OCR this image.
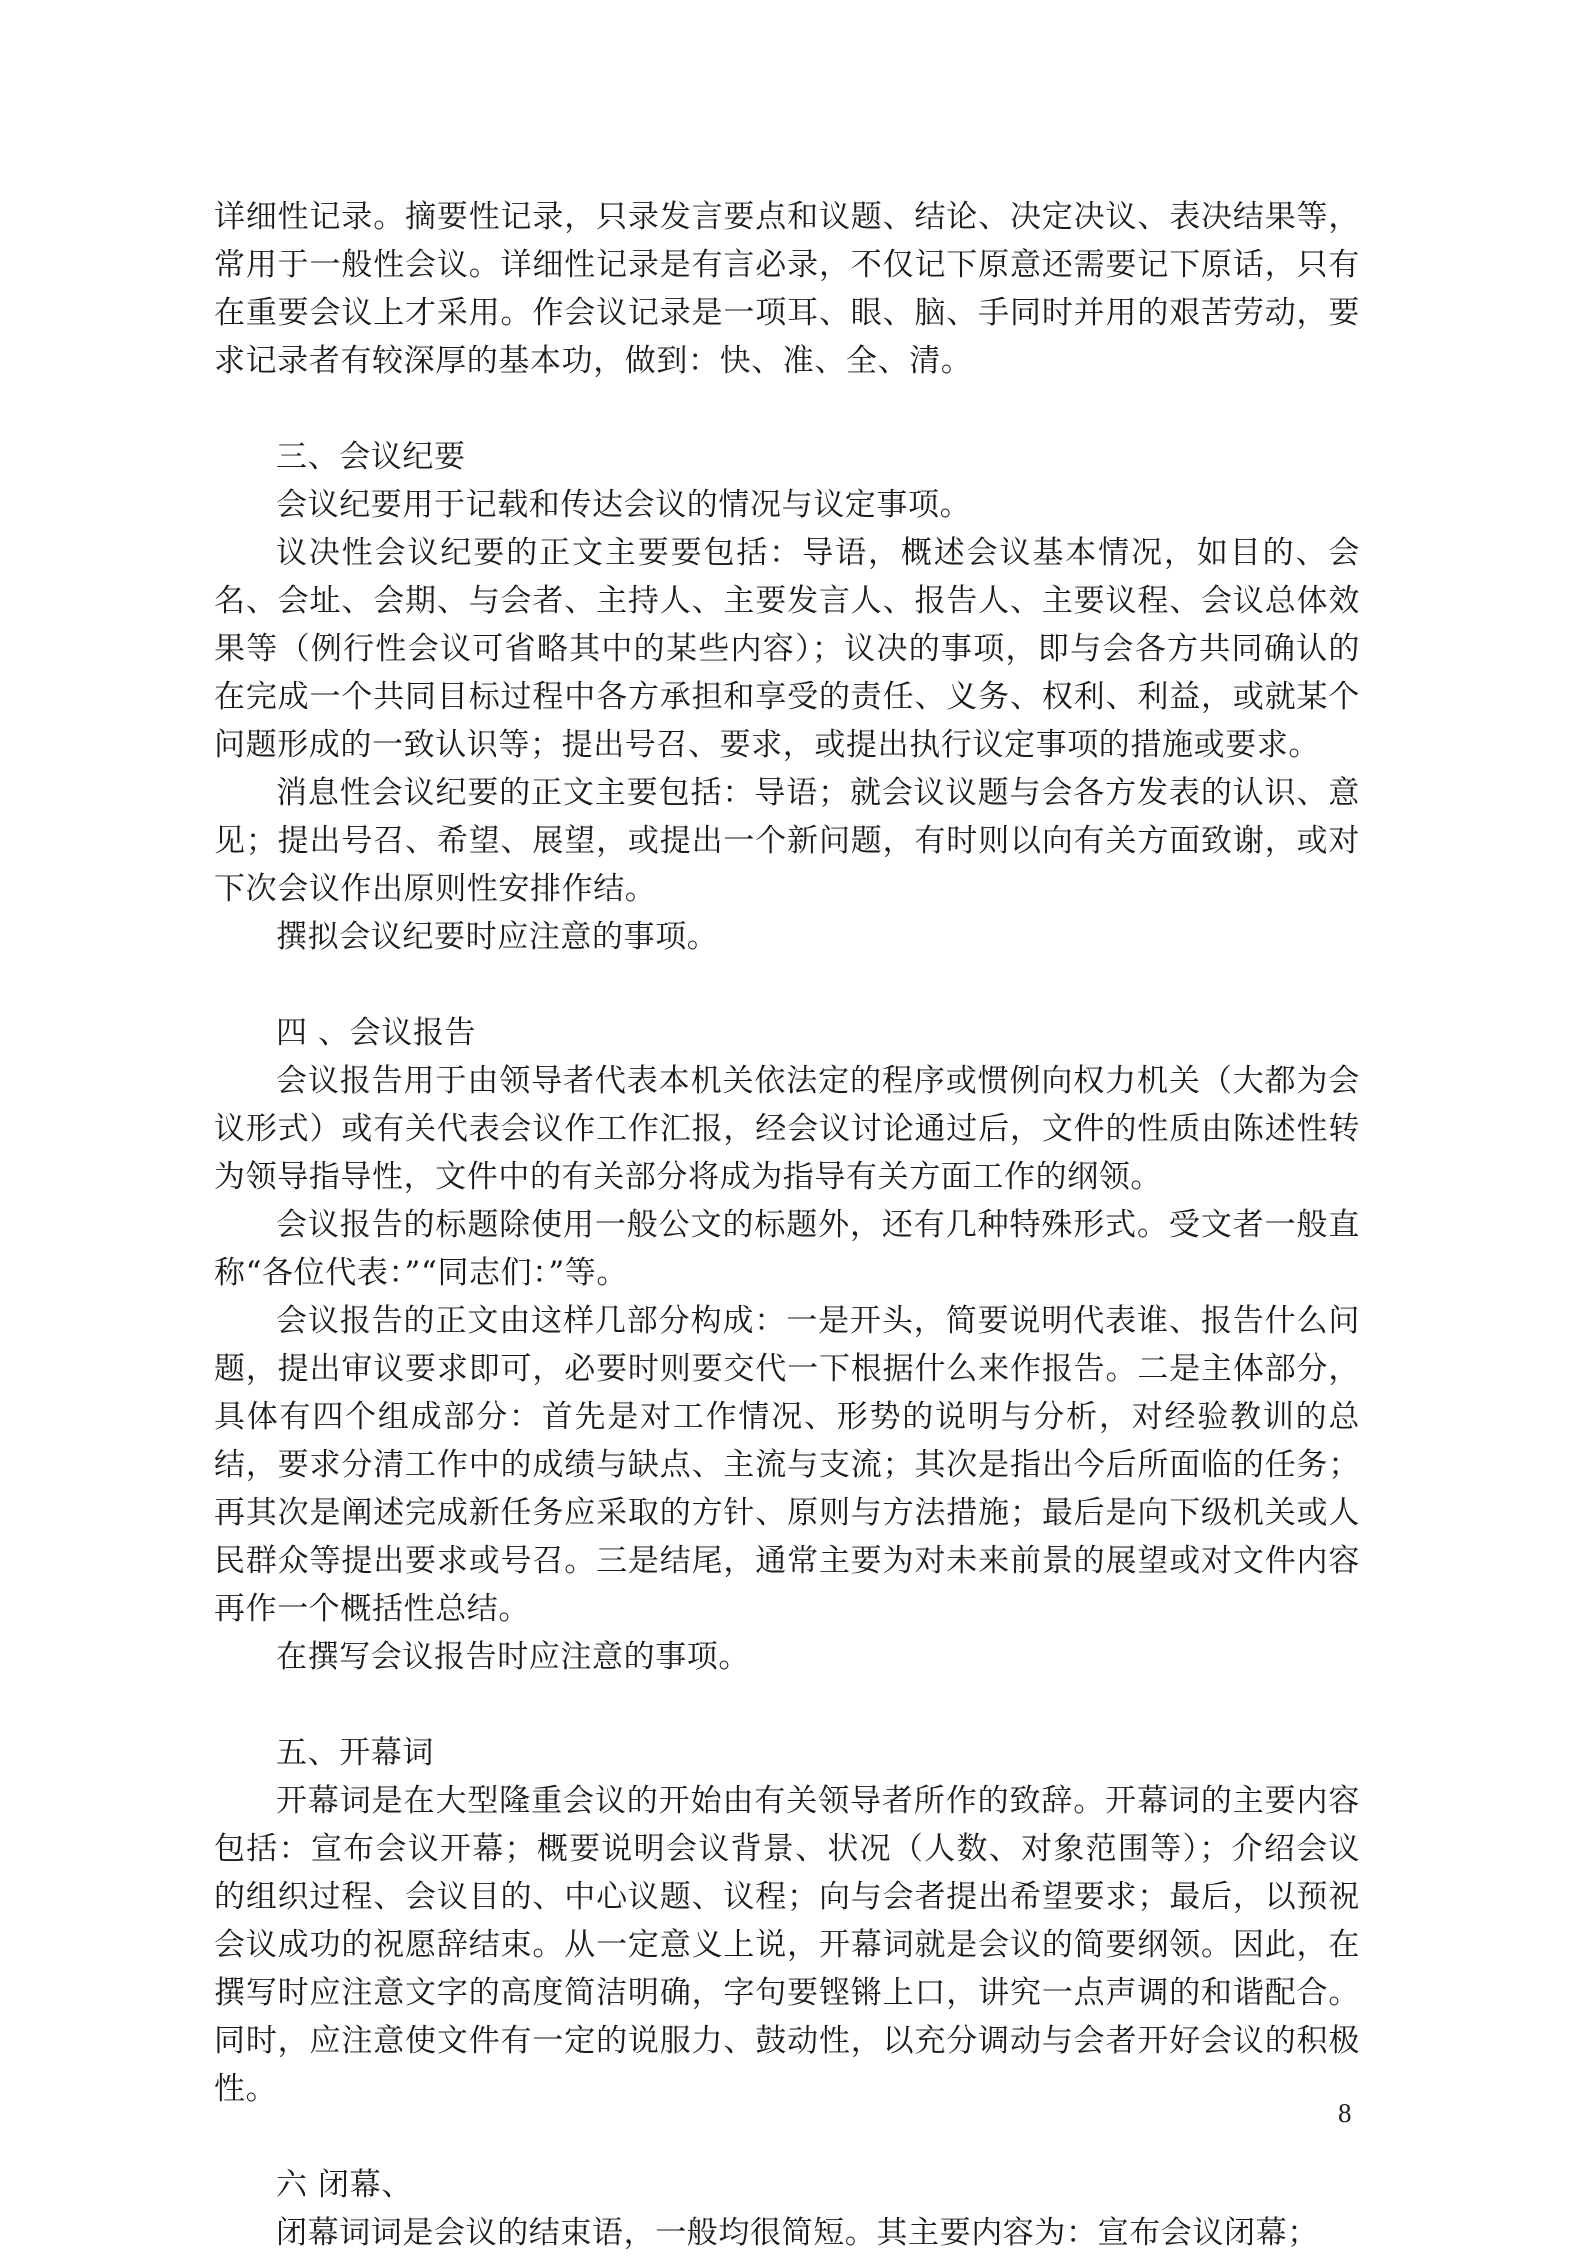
详细性记录。摘要性记录，只录发言要点和议题、结论、决定决议、表决结果等，常用于一般性会议。详细性记录是有言必录，不仅记下原意还需要记下原话，只有在重要会议上才采用。作会议记录是一项耳、眼、脑、手同时并用的艰苦劳动，要求记录者有较深厚的基本功，做到：快、准、全、清。

三、会议纪要

会议纪要用于记载和传达会议的情况与议定事项。

议决性会议纪要的正文主要要包括：导语，概述会议基本情况，如目的、会名、会址、会期、与会者、主持人、主要发言人、报告人、主要议程、会议总体效果等（例行性会议可省略其中的某些内容）；议决的事项，即与会各方共同确认的在完成一个共同目标过程中各方承担和享受的责任、义务、权利、利益，或就某个问题形成的一致认识等；提出号召、要求，或提出执行议定事项的措施或要求。

消息性会议纪要的正文主要包括：导语；就会议议题与会各方发表的认识、意见；提出号召、希望、展望，或提出一个新问题，有时则以向有关方面致谢，或对下次会议作出原则性安排作结。

撰拟会议纪要时应注意的事项。

四 、会议报告

会议报告用于由领导者代表本机关依法定的程序或惯例向权力机关（大都为会议形式）或有关代表会议作工作汇报，经会议讨论通过后，文件的性质由陈述性转为领导指导性，文件中的有关部分将成为指导有关方面工作的纲领。

会议报告的标题除使用一般公文的标题外，还有几种特殊形式。受文者一般直称“各位代表：”“同志们：”等。

会议报告的正文由这样几部分构成：一是开头，简要说明代表谁、报告什么问题，提出审议要求即可，必要时则要交代一下根据什么来作报告。二是主体部分，具体有四个组成部分：首先是对工作情况、形势的说明与分析，对经验教训的总结，要求分清工作中的成绩与缺点、主流与支流；其次是指出今后所面临的任务；再其次是阐述完成新任务应采取的方针、原则与方法措施；最后是向下级机关或人民群众等提出要求或号召。三是结尾，通常主要为对未来前景的展望或对文件内容再作一个概括性总结。

在撰写会议报告时应注意的事项。

五、开幕词

开幕词是在大型隆重会议的开始由有关领导者所作的致辞。开幕词的主要内容包括：宣布会议开幕；概要说明会议背景、状况（人数、对象范围等）；介绍会议的组织过程、会议目的、中心议题、议程；向与会者提出希望要求；最后，以预祝会议成功的祝愿辞结束。从一定意义上说，开幕词就是会议的简要纲领。因此，在撰写时应注意文字的高度简洁明确，字句要铿锵上口，讲究一点声调的和谐配合。同时，应注意使文件有一定的说服力、鼓动性，以充分调动与会者开好会议的积极性。

六 闭幕、

闭幕词词是会议的结束语，一般均很简短。其主要内容为：宣布会议闭幕；

8
